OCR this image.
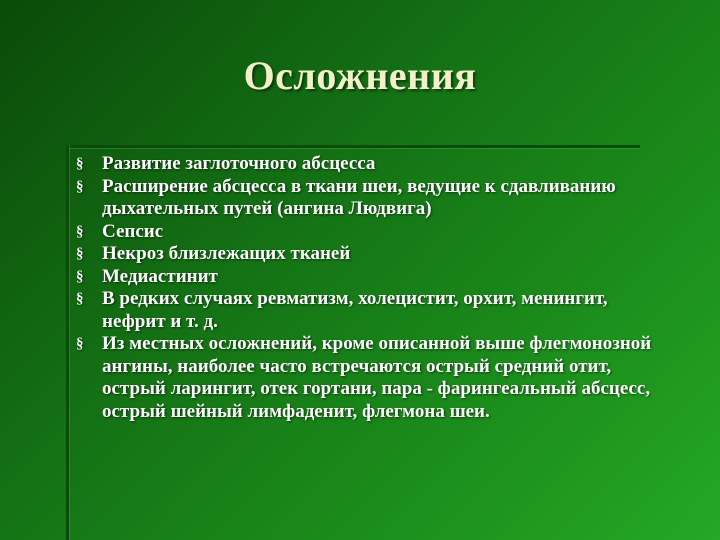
Осложнения
§ Развитие заглоточного абсцесса
§ Расширение абсцесса в ткани шеи, ведущие к сдавливанию дыхательных путей (ангина Людвига)
§ Сепсис
§ Некроз близлежащих тканей
§ Медиастинит
§ В редких случаях ревматизм, холецистит, орхит, менингит, нефрит и т. д.
§ Из местных осложнений, кроме описанной выше флегмонозной ангины, наиболее часто встречаются острый средний отит, острый ларингит, отек гортани, пара - фарингеальный абсцесс, острый шейный лимфаденит, флегмона шеи.
